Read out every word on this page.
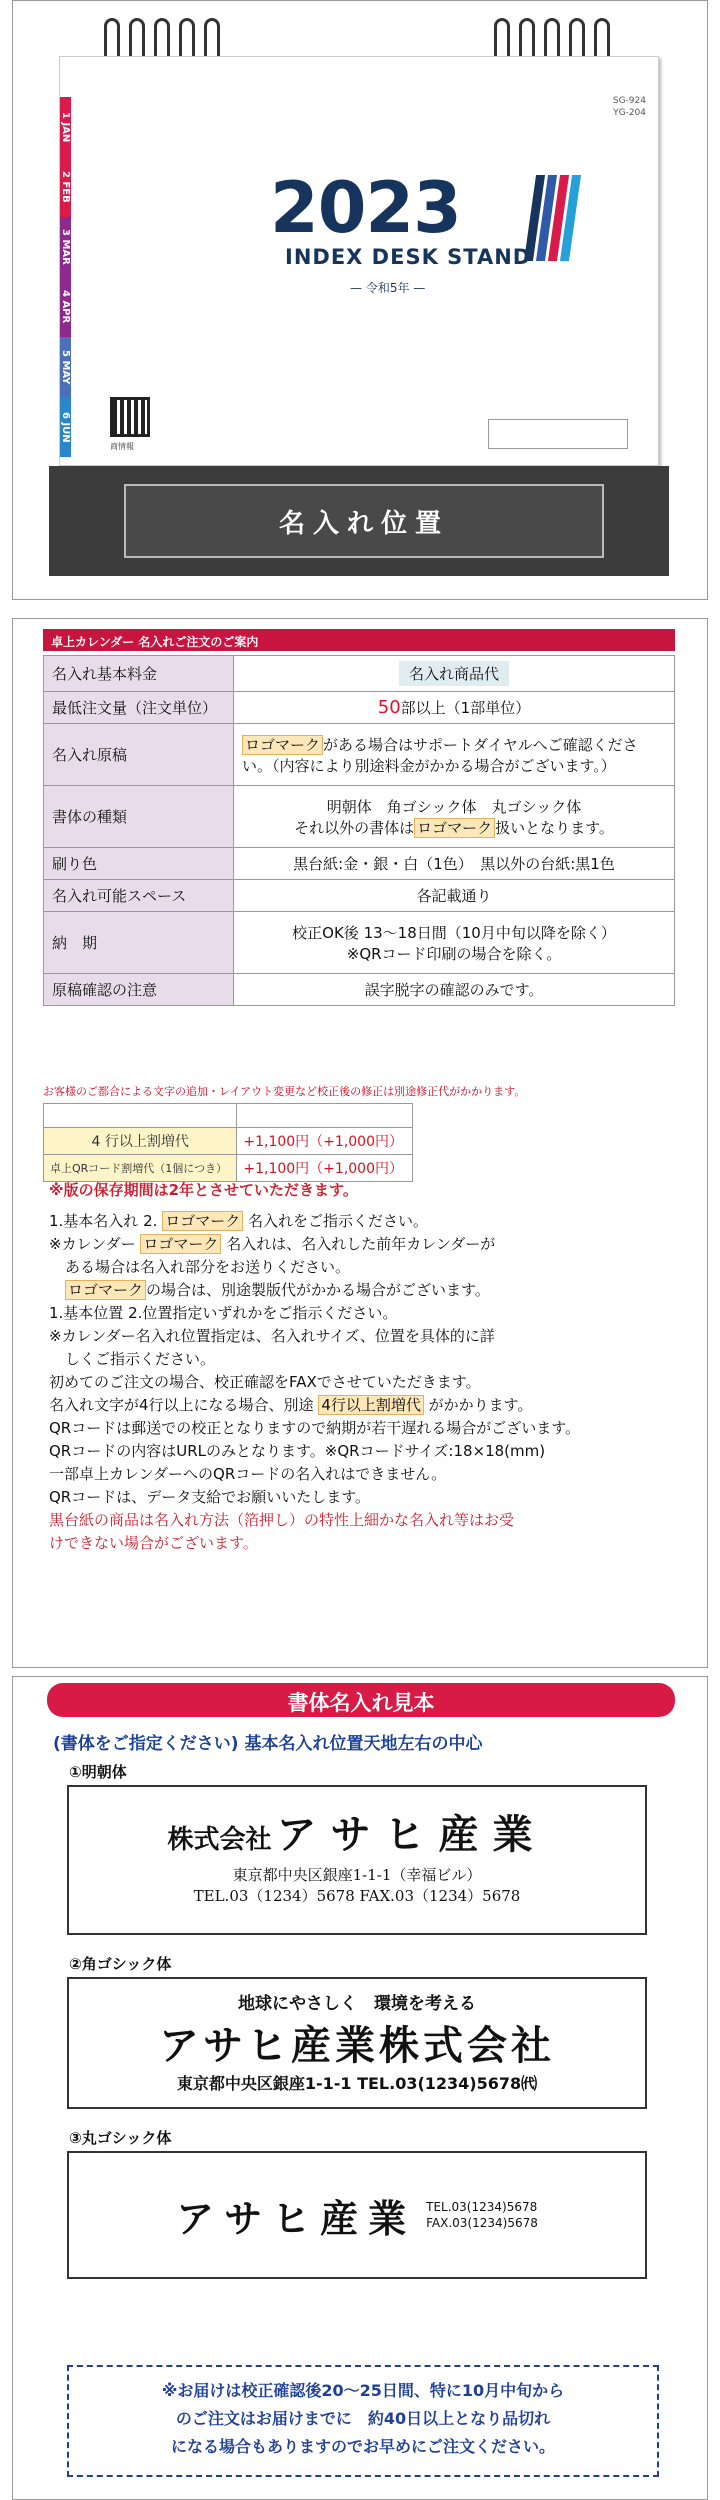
1 JAN
2 FEB
3 MAR
4 APR
5 MAY
6 JUN
SG-924
YG-204
2023
INDEX DESK STAND
— 令和5年 —
商情報
名入れ位置
卓上カレンダー 名入れご注文のご案内
名入れ基本料金	名入れ商品代
最低注文量（注文単位）	50部以上（1部単位）
名入れ原稿	ロゴマーク がある場合はサポートダイヤルへご確認ください。（内容により別途料金がかかる場合がございます。）
書体の種類	明朝体　角ゴシック体　丸ゴシック体
それ以外の書体は ロゴマーク 扱いとなります。

刷り色	黒台紙:金・銀・白（1色）　黒以外の台紙:黒1色
名入れ可能スペース	各記載通り
納　期	校正OK後 13〜18日間（10月中旬以降を除く）
※QRコード印刷の場合を除く。

原稿確認の注意	誤字脱字の確認のみです。
お客様のご都合による文字の追加・レイアウト変更など校正後の修正は別途修正代がかかります。

4 行以上割増代	+1,100円（+1,000円）
卓上QRコード割増代（1個につき）	+1,100円（+1,000円）

※版の保存期間は2年とさせていただきます。

1.基本名入れ 2. ロゴマーク 名入れをご指示ください。

※カレンダー ロゴマーク 名入れは、名入れした前年カレンダーが

ある場合は名入れ部分をお送りください。

ロゴマーク の場合は、別途製版代がかかる場合がございます。

1.基本位置 2.位置指定いずれかをご指示ください。

※カレンダー名入れ位置指定は、名入れサイズ、位置を具体的に詳

しくご指示ください。

初めてのご注文の場合、校正確認をFAXでさせていただきます。

名入れ文字が4行以上になる場合、別途 4行以上割増代 がかかります。

QRコードは郵送での校正となりますので納期が若干遅れる場合がございます。

QRコードの内容はURLのみとなります。※QRコードサイズ:18×18(mm)

一部卓上カレンダーへのQRコードの名入れはできません。

QRコードは、データ支給でお願いいたします。

黒台紙の商品は名入れ方法（箔押し）の特性上細かな名入れ等はお受

けできない場合がございます。

書体名入れ見本
(書体をご指定ください) 基本名入れ位置天地左右の中心
①明朝体
株式会社 アサヒ産業
東京都中央区銀座1-1-1（幸福ビル）
TEL.03（1234）5678 FAX.03（1234）5678
②角ゴシック体
地球にやさしく　環境を考える
アサヒ産業株式会社
東京都中央区銀座1-1-1 TEL.03(1234)5678㈹
③丸ゴシック体
アサヒ産業 TEL.03(1234)5678
FAX.03(1234)5678
※お届けは校正確認後20〜25日間、特に10月中旬から
のご注文はお届けまでに　約40日以上となり品切れ
になる場合もありますのでお早めにご注文ください。
